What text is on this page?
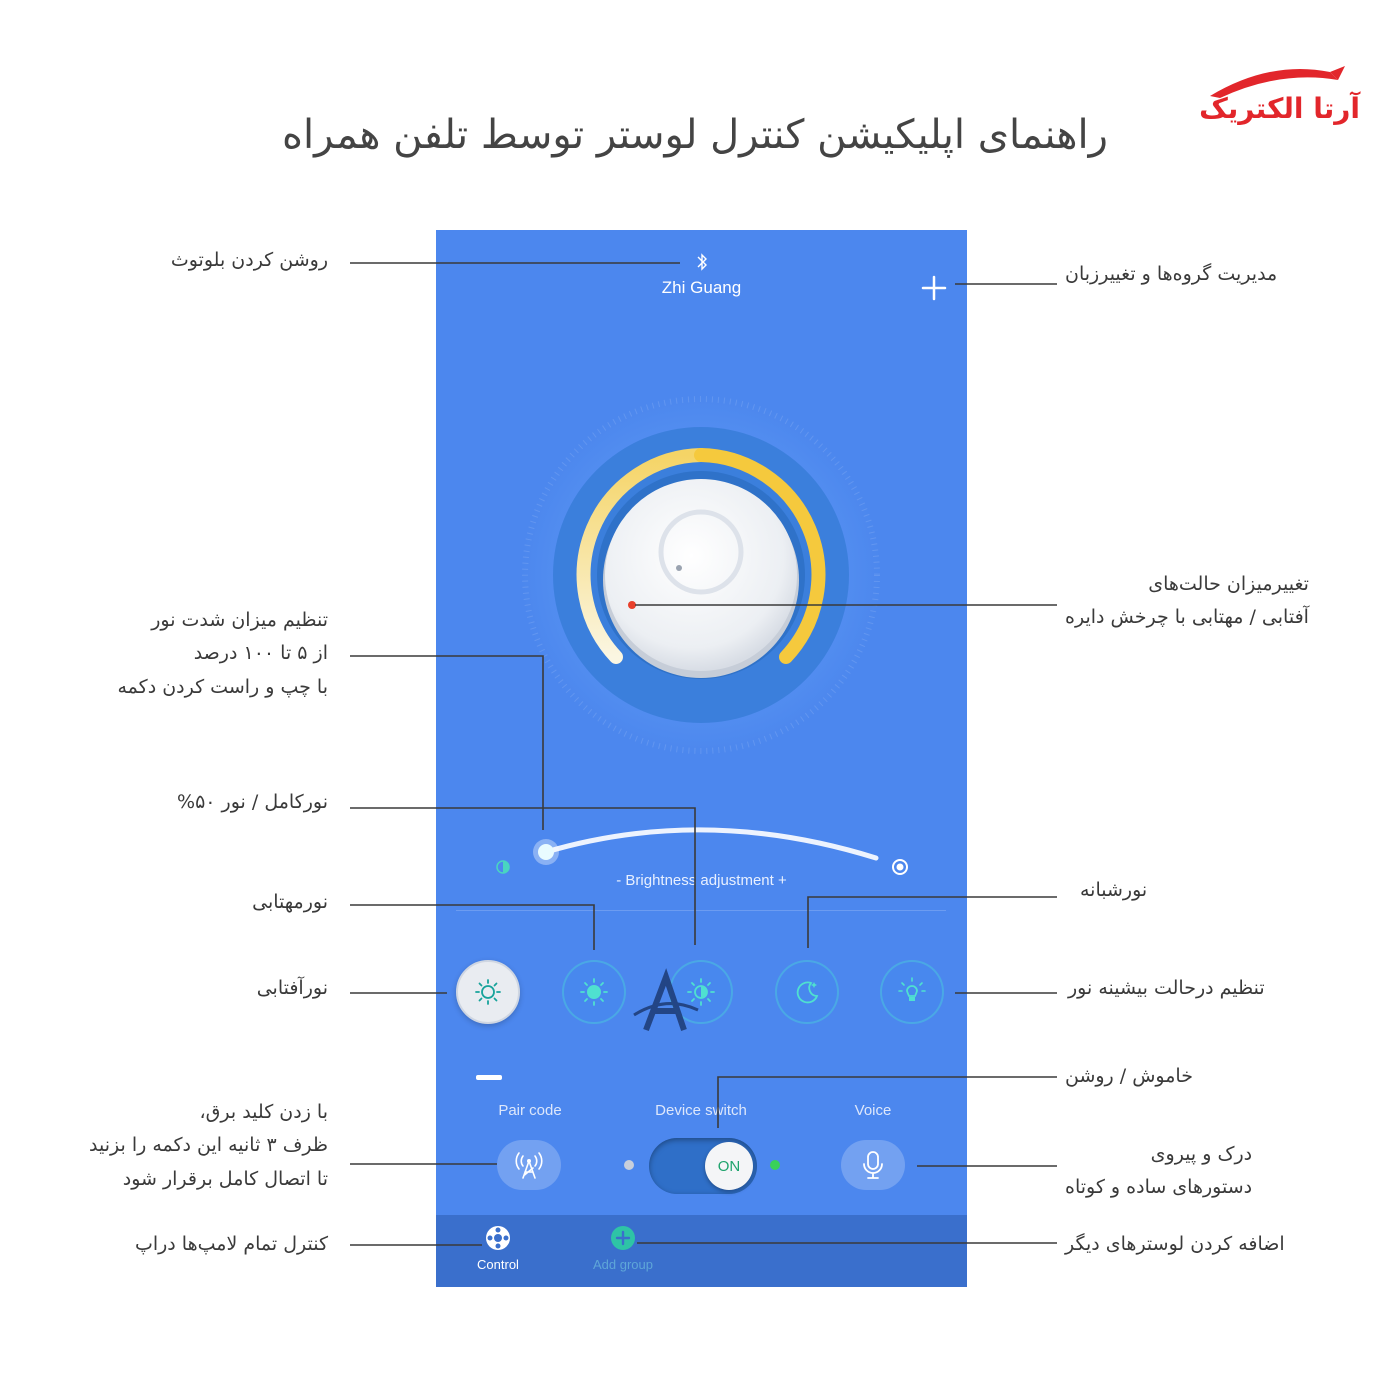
راهنمای اپلیکیشن کنترل لوستر توسط تلفن همراه
آرتا الکتریک
Zhi Guang
- Brightness adjustment +
Pair code	Device switch	Voice
ON
Control	Add group
روشن کردن بلوتوث
تنظیم میزان شدت نور
از ۵ تا ۱۰۰ درصد
با چپ و راست کردن دکمه
نورکامل / نور ۵۰%
نورمهتابی
نورآفتابی
با زدن کلید برق،
ظرف ۳ ثانیه این دکمه را بزنید
تا اتصال کامل برقرار شود
کنترل تمام لامپ‌ها دراپ
مدیریت گروه‌ها و تغییرزبان
تغییرمیزان حالت‌های
آفتابی / مهتابی با چرخش دایره
نورشبانه
تنظیم درحالت بیشینه نور
خاموش / روشن
درک و پیروی
دستورهای ساده و کوتاه
اضافه کردن لوسترهای دیگر
